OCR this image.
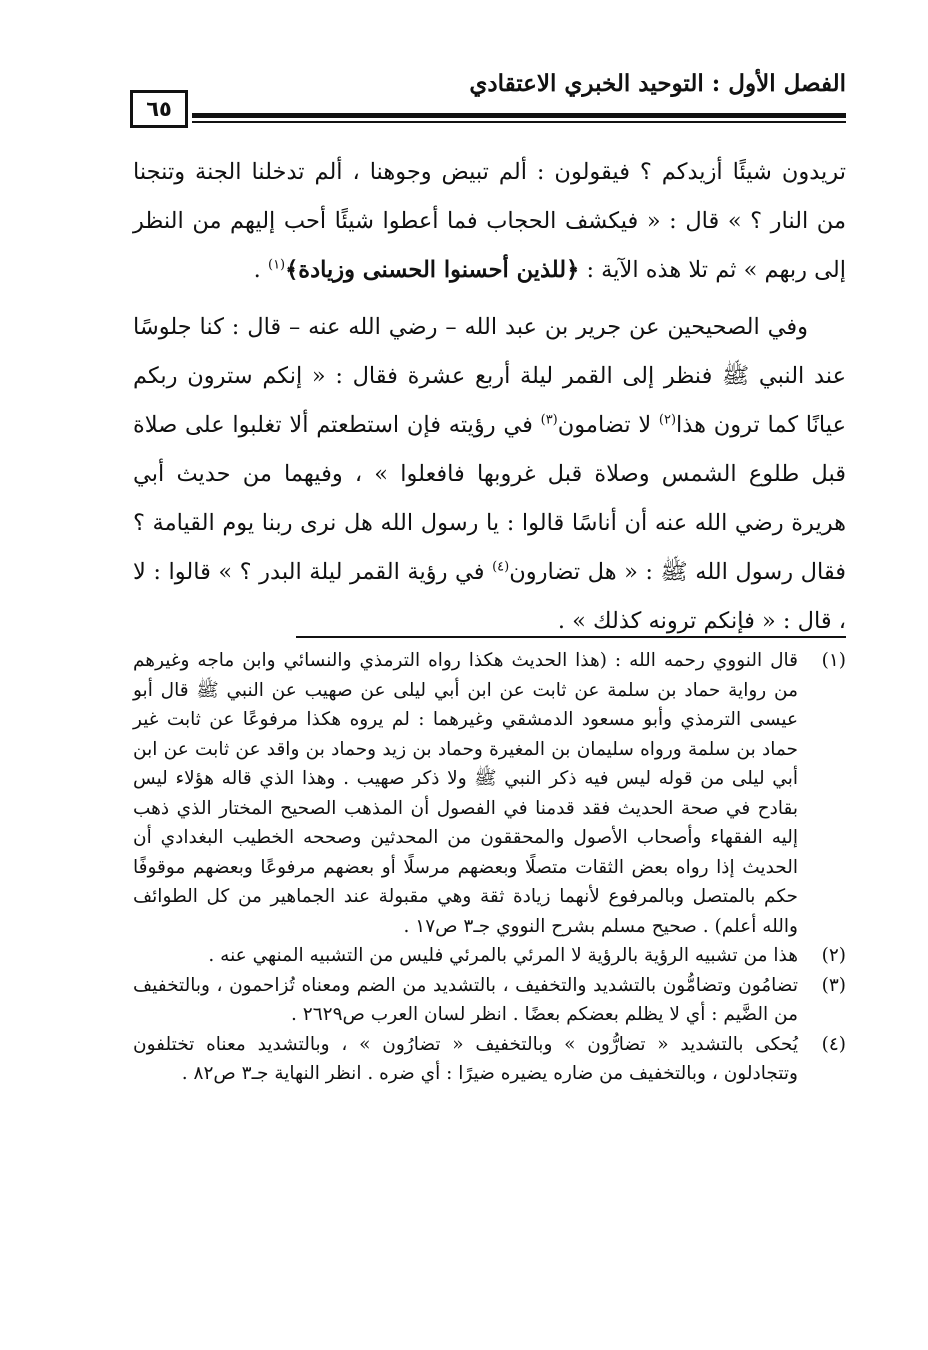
الفصل الأول : التوحيد الخبري الاعتقادي
٦٥

تريدون شيئًا أزيدكم ؟ فيقولون : ألم تبيض وجوهنا ، ألم تدخلنا الجنة وتنجنا من النار ؟ » قال : « فيكشف الحجاب فما أعطوا شيئًا أحب إليهم من النظر إلى ربهم » ثم تلا هذه الآية : ﴿للذين أحسنوا الحسنى وزيادة﴾$^{(١)}$ .

وفي الصحيحين عن جرير بن عبد الله – رضي الله عنه – قال : كنا جلوسًا عند النبي ﷺ فنظر إلى القمر ليلة أربع عشرة فقال : « إنكم سترون ربكم عيانًا كما ترون هذا$^{(٢)}$ لا تضامون$^{(٣)}$ في رؤيته فإن استطعتم ألا تغلبوا على صلاة قبل طلوع الشمس وصلاة قبل غروبها فافعلوا » ، وفيهما من حديث أبي هريرة رضي الله عنه أن أناسًا قالوا : يا رسول الله هل نرى ربنا يوم القيامة ؟ فقال رسول الله ﷺ : « هل تضارون$^{(٤)}$ في رؤية القمر ليلة البدر ؟ » قالوا : لا ، قال : « فإنكم ترونه كذلك » .

(١)
قال النووي رحمه الله : (هذا الحديث هكذا رواه الترمذي والنسائي وابن ماجه وغيرهم من رواية حماد بن سلمة عن ثابت عن ابن أبي ليلى عن صهيب عن النبي ﷺ قال أبو عيسى الترمذي وأبو مسعود الدمشقي وغيرهما : لم يروه هكذا مرفوعًا عن ثابت غير حماد بن سلمة ورواه سليمان بن المغيرة وحماد بن زيد وحماد بن واقد عن ثابت عن ابن أبي ليلى من قوله ليس فيه ذكر النبي ﷺ ولا ذكر صهيب . وهذا الذي قاله هؤلاء ليس بقادح في صحة الحديث فقد قدمنا في الفصول أن المذهب الصحيح المختار الذي ذهب إليه الفقهاء وأصحاب الأصول والمحققون من المحدثين وصححه الخطيب البغدادي أن الحديث إذا رواه بعض الثقات متصلًا وبعضهم مرسلًا أو بعضهم مرفوعًا وبعضهم موقوفًا حكم بالمتصل وبالمرفوع لأنهما زيادة ثقة وهي مقبولة عند الجماهير من كل الطوائف والله أعلم) . صحيح مسلم بشرح النووي جـ٣ ص١٧ .
(٢)
هذا من تشبيه الرؤية بالرؤية لا المرئي بالمرئي فليس من التشبيه المنهي عنه .
(٣)
تضامُون وتضامُّون بالتشديد والتخفيف ، بالتشديد من الضم ومعناه تُزاحمون ، وبالتخفيف من الضَّيم : أي لا يظلم بعضكم بعضًا . انظر لسان العرب ص٢٦٢٩ .
(٤)
يُحكى بالتشديد « تضارُّون » وبالتخفيف « تضارُون » ، وبالتشديد معناه تختلفون وتتجادلون ، وبالتخفيف من ضاره يضيره ضيرًا : أي ضره . انظر النهاية جـ٣ ص٨٢ .
